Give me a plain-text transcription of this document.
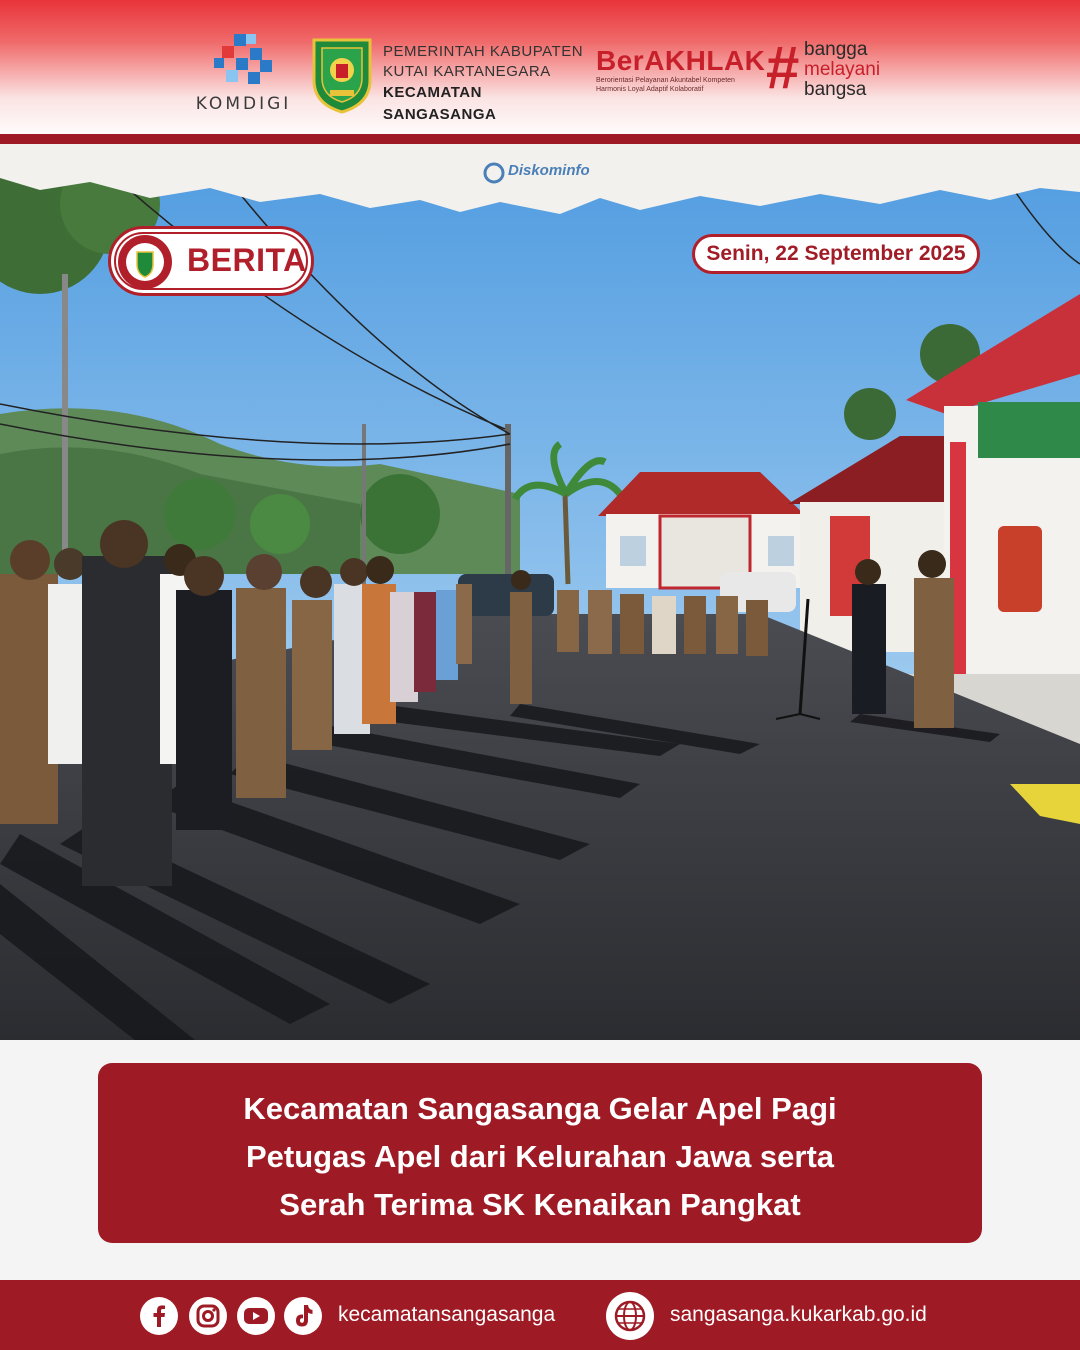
KOMDIGI
PEMERINTAH KABUPATEN
KUTAI KARTANEGARA
KECAMATAN SANGASANGA
BerAKHLAK
Berorientasi Pelayanan Akuntabel Kompeten
Harmonis Loyal Adaptif Kolaboratif	# bangga
melayani
bangsa
Diskominfo
BERITA	Senin, 22 September 2025
Kecamatan Sangasanga Gelar Apel Pagi
Petugas Apel dari Kelurahan Jawa serta
Serah Terima SK Kenaikan Pangkat
kecamatansangasanga	sangasanga.kukarkab.go.id
